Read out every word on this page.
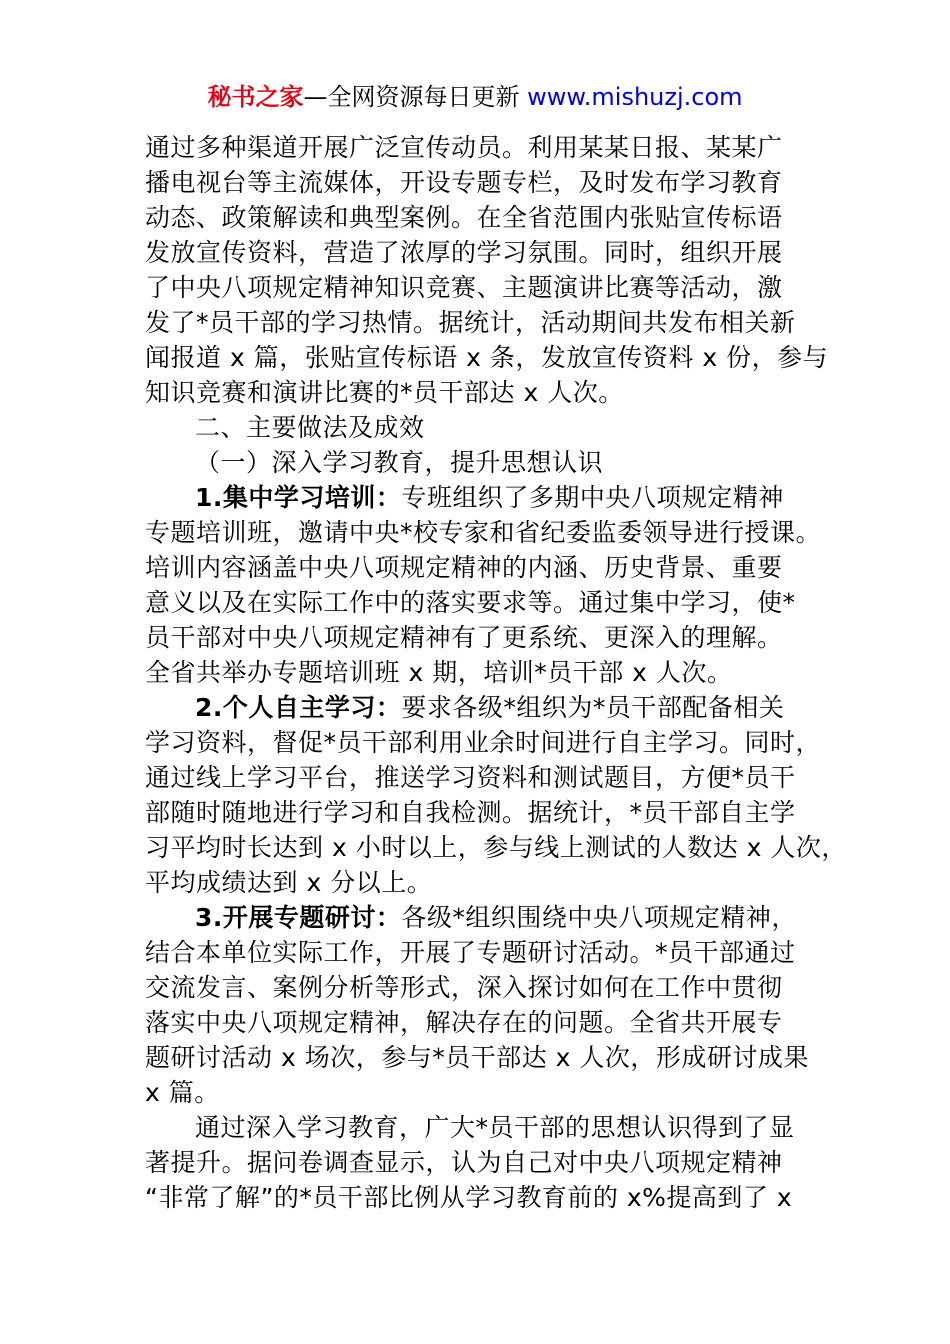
秘书之家—全网资源每日更新 www.mishuzj.com
通过多种渠道开展广泛宣传动员。利用某某日报、某某广
播电视台等主流媒体，开设专题专栏，及时发布学习教育
动态、政策解读和典型案例。在全省范围内张贴宣传标语
发放宣传资料，营造了浓厚的学习氛围。同时，组织开展
了中央八项规定精神知识竞赛、主题演讲比赛等活动，激
发了*员干部的学习热情。据统计，活动期间共发布相关新
闻报道 x 篇，张贴宣传标语 x 条，发放宣传资料 x 份，参与
知识竞赛和演讲比赛的*员干部达 x 人次。
二、主要做法及成效
（一）深入学习教育，提升思想认识
1.集中学习培训：专班组织了多期中央八项规定精神
专题培训班，邀请中央*校专家和省纪委监委领导进行授课。
培训内容涵盖中央八项规定精神的内涵、历史背景、重要
意义以及在实际工作中的落实要求等。通过集中学习，使*
员干部对中央八项规定精神有了更系统、更深入的理解。
全省共举办专题培训班 x 期，培训*员干部 x 人次。
2.个人自主学习：要求各级*组织为*员干部配备相关
学习资料，督促*员干部利用业余时间进行自主学习。同时，
通过线上学习平台，推送学习资料和测试题目，方便*员干
部随时随地进行学习和自我检测。据统计，*员干部自主学
习平均时长达到 x 小时以上，参与线上测试的人数达 x 人次，
平均成绩达到 x 分以上。
3.开展专题研讨：各级*组织围绕中央八项规定精神，
结合本单位实际工作，开展了专题研讨活动。*员干部通过
交流发言、案例分析等形式，深入探讨如何在工作中贯彻
落实中央八项规定精神，解决存在的问题。全省共开展专
题研讨活动 x 场次，参与*员干部达 x 人次，形成研讨成果
x 篇。
通过深入学习教育，广大*员干部的思想认识得到了显
著提升。据问卷调查显示，认为自己对中央八项规定精神
“非常了解”的*员干部比例从学习教育前的 x%提高到了 x
